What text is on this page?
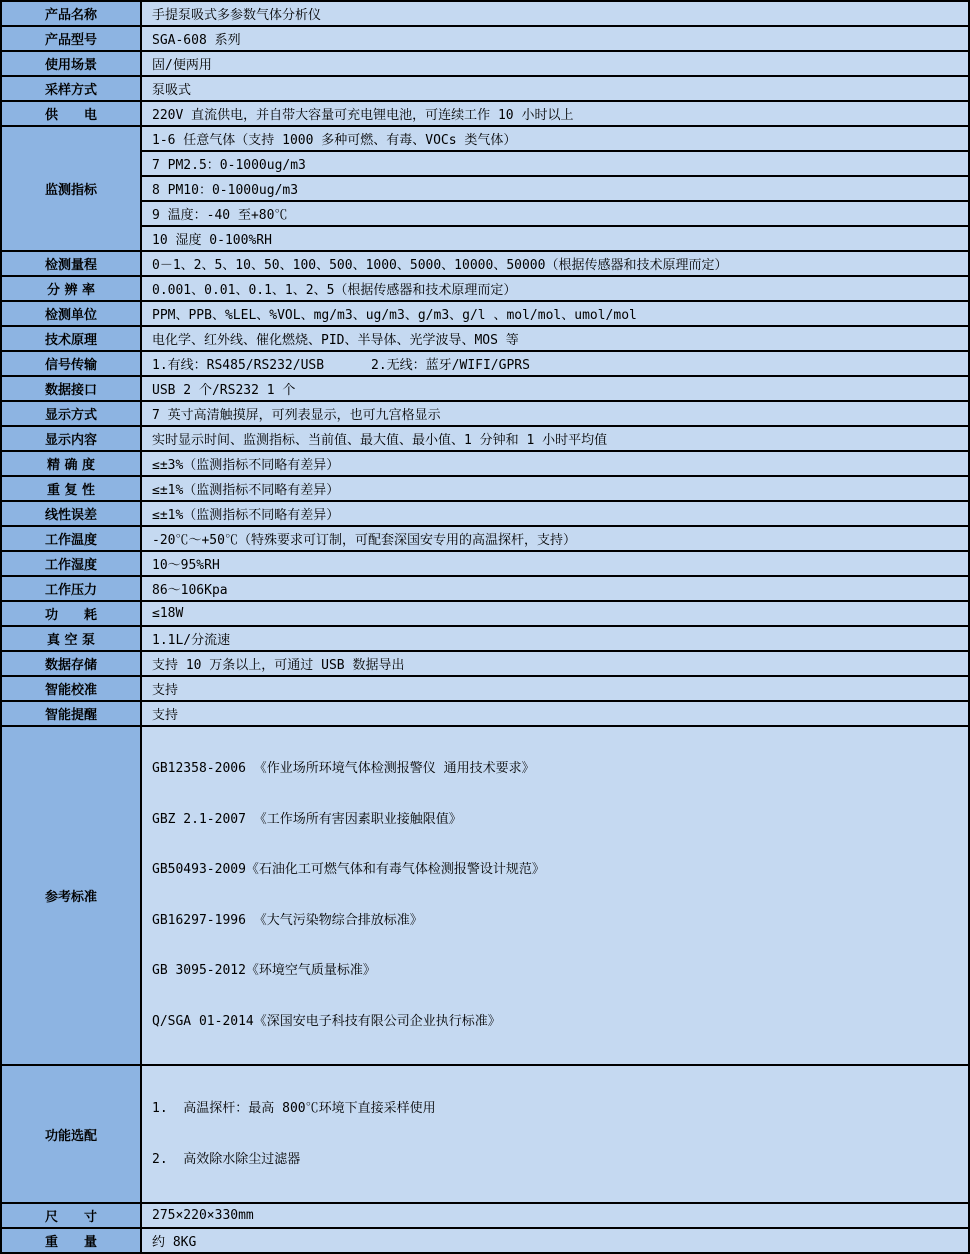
产品名称	手提泵吸式多参数气体分析仪
产品型号	SGA-608 系列
使用场景	固/便两用
采样方式	泵吸式
供　　电	220V 直流供电，并自带大容量可充电锂电池，可连续工作 10 小时以上
监测指标	1-6 任意气体（支持 1000 多种可燃、有毒、VOCs 类气体）
	7 PM2.5：0-1000ug/m3
	8 PM10：0-1000ug/m3
	9 温度：-40 至+80℃
	10 湿度 0-100%RH
检测量程	0－1、2、5、10、50、100、500、1000、5000、10000、50000（根据传感器和技术原理而定）
分 辨 率	0.001、0.01、0.1、1、2、5（根据传感器和技术原理而定）
检测单位	PPM、PPB、%LEL、%VOL、mg/m3、ug/m3、g/m3、g/l 、mol/mol、umol/mol
技术原理	电化学、红外线、催化燃烧、PID、半导体、光学波导、MOS 等
信号传输	1.有线：RS485/RS232/USB      2.无线：蓝牙/WIFI/GPRS
数据接口	USB 2 个/RS232 1 个
显示方式	7 英寸高清触摸屏，可列表显示，也可九宫格显示
显示内容	实时显示时间、监测指标、当前值、最大值、最小值、1 分钟和 1 小时平均值
精 确 度	≤±3%（监测指标不同略有差异）
重 复 性	≤±1%（监测指标不同略有差异）
线性误差	≤±1%（监测指标不同略有差异）
工作温度	-20℃～+50℃（特殊要求可订制，可配套深国安专用的高温探杆，支持）
工作湿度	10～95%RH
工作压力	86～106Kpa
功　　耗	≤18W
真 空 泵	1.1L/分流速
数据存储	支持 10 万条以上，可通过 USB 数据导出
智能校准	支持
智能提醒	支持
参考标准	

GB12358-2006 《作业场所环境气体检测报警仪 通用技术要求》

GBZ 2.1-2007 《工作场所有害因素职业接触限值》

GB50493-2009《石油化工可燃气体和有毒气体检测报警设计规范》

GB16297-1996 《大气污染物综合排放标准》

GB 3095-2012《环境空气质量标准》

Q/SGA 01-2014《深国安电子科技有限公司企业执行标准》

功能选配	1.  高温探杆：最高 800℃环境下直接采样使用

2.  高效除水除尘过滤器

尺　　寸	275×220×330mm
重　　量	约 8KG
